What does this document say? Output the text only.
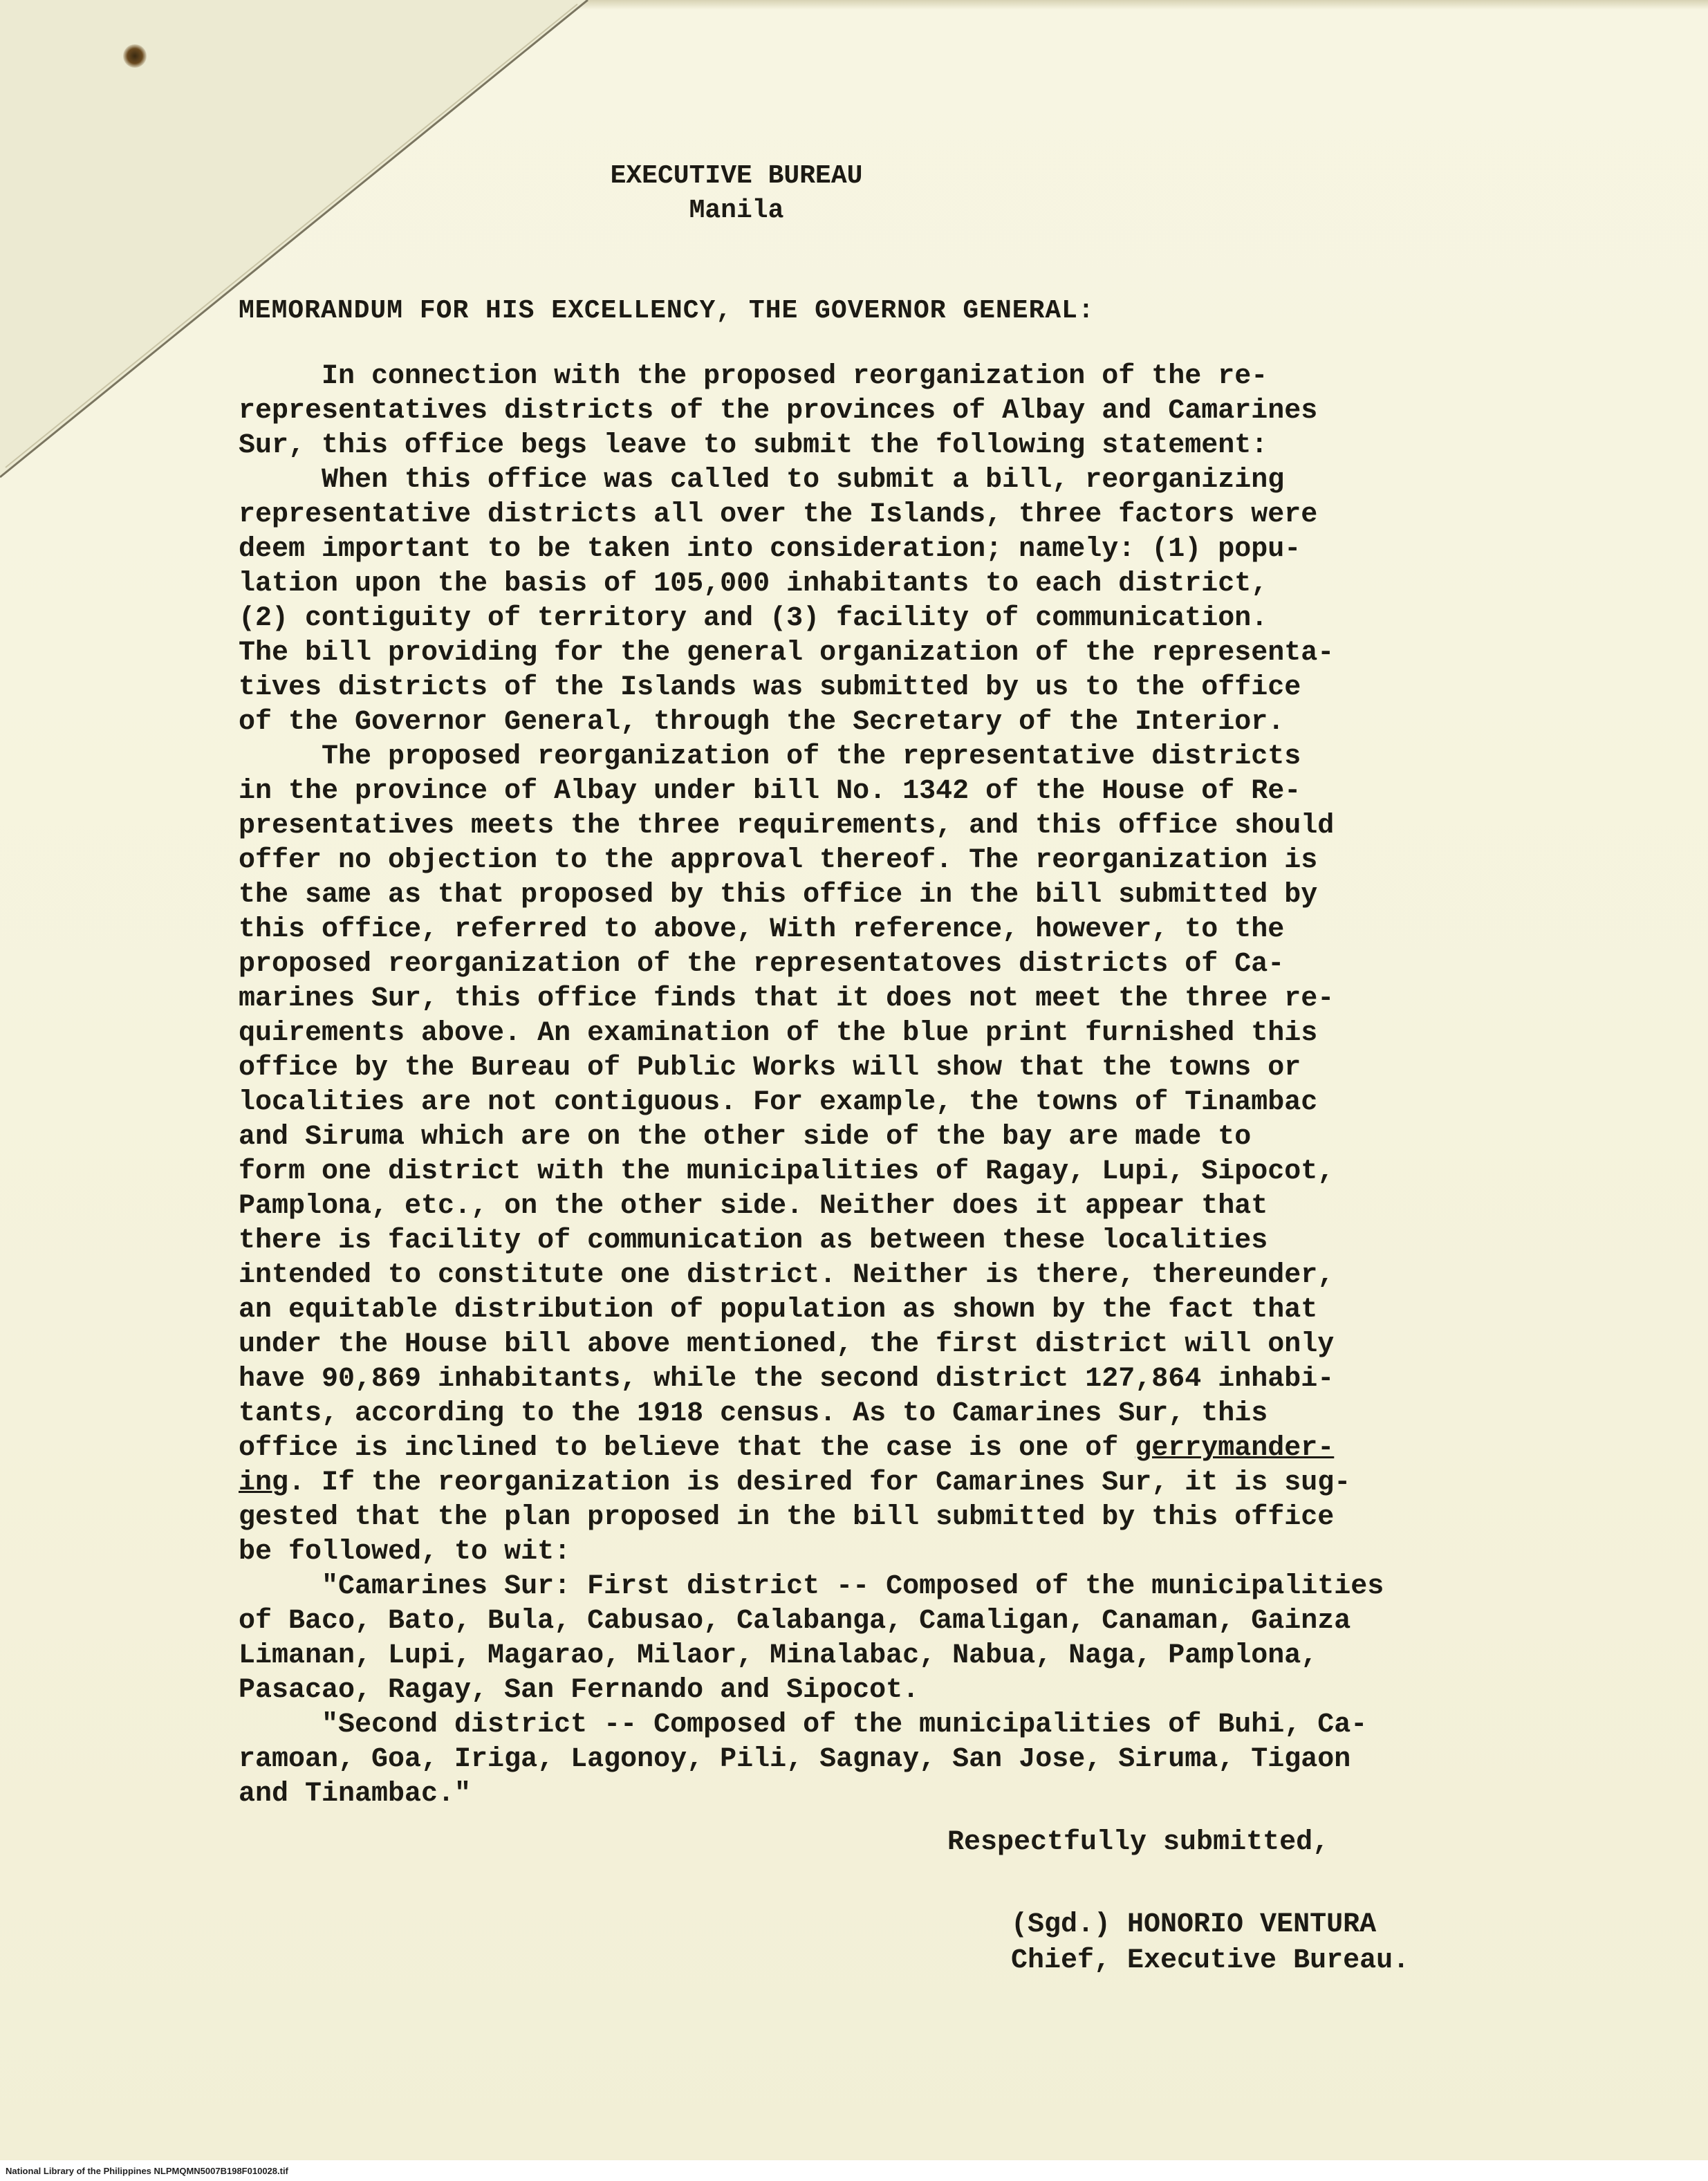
EXECUTIVE BUREAU
Manila
MEMORANDUM FOR HIS EXCELLENCY, THE GOVERNOR GENERAL:
In connection with the proposed reorganization of the re-
representatives districts of the provinces of Albay and Camarines
Sur, this office begs leave to submit the following statement:
When this office was called to submit a bill, reorganizing
representative districts all over the Islands, three factors were
deem important to be taken into consideration; namely: (1) popu-
lation upon the basis of 105,000 inhabitants to each district,
(2) contiguity of territory and (3) facility of communication.
The bill providing for the general organization of the representa-
tives districts of the Islands was submitted by us to the office
of the Governor General, through the Secretary of the Interior.
The proposed reorganization of the representative districts
in the province of Albay under bill No. 1342 of the House of Re-
presentatives meets the three requirements, and this office should
offer no objection to the approval thereof. The reorganization is
the same as that proposed by this office in the bill submitted by
this office, referred to above, With reference, however, to the
proposed reorganization of the representatoves districts of Ca-
marines Sur, this office finds that it does not meet the three re-
quirements above. An examination of the blue print furnished this
office by the Bureau of Public Works will show that the towns or
localities are not contiguous. For example, the towns of Tinambac
and Siruma which are on the other side of the bay are made to
form one district with the municipalities of Ragay, Lupi, Sipocot,
Pamplona, etc., on the other side. Neither does it appear that
there is facility of communication as between these localities
intended to constitute one district. Neither is there, thereunder,
an equitable distribution of population as shown by the fact that
under the House bill above mentioned, the first district will only
have 90,869 inhabitants, while the second district 127,864 inhabi-
tants, according to the 1918 census. As to Camarines Sur, this
office is inclined to believe that the case is one of gerrymander-
ing. If the reorganization is desired for Camarines Sur, it is sug-
gested that the plan proposed in the bill submitted by this office
be followed, to wit:
"Camarines Sur: First district -- Composed of the municipalities
of Baco, Bato, Bula, Cabusao, Calabanga, Camaligan, Canaman, Gainza
Limanan, Lupi, Magarao, Milaor, Minalabac, Nabua, Naga, Pamplona,
Pasacao, Ragay, San Fernando and Sipocot.
"Second district -- Composed of the municipalities of Buhi, Ca-
ramoan, Goa, Iriga, Lagonoy, Pili, Sagnay, San Jose, Siruma, Tigaon
and Tinambac."
Respectfully submitted,
(Sgd.) HONORIO VENTURA
Chief, Executive Bureau.
National Library of the Philippines NLPMQMN5007B198F010028.tif
